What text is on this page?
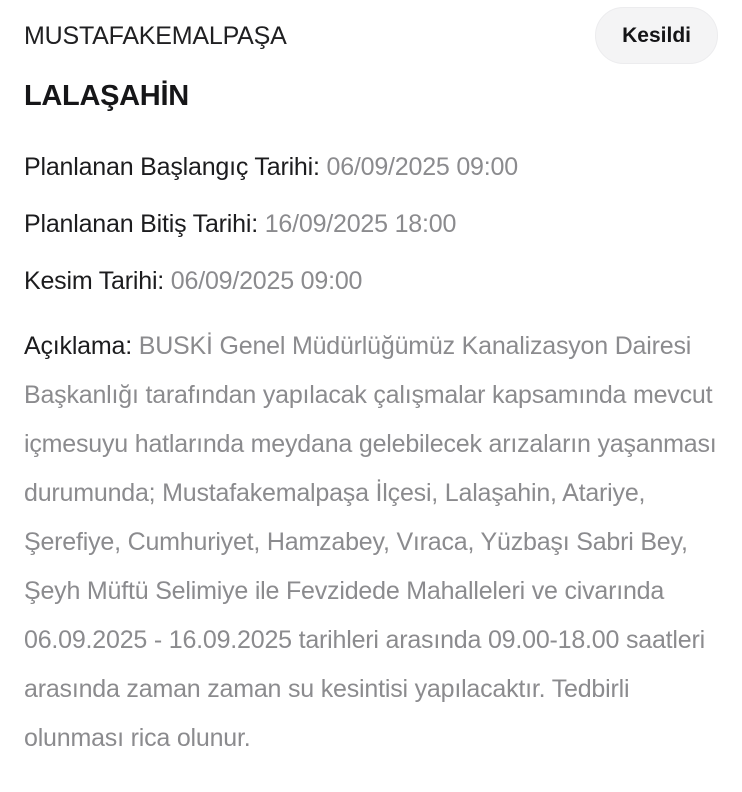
MUSTAFAKEMALPAŞA	Kesildi
LALAŞAHİN
Planlanan Başlangıç Tarihi: 06/09/2025 09:00
Planlanan Bitiş Tarihi: 16/09/2025 18:00
Kesim Tarihi: 06/09/2025 09:00

Açıklama: BUSKİ Genel Müdürlüğümüz Kanalizasyon Dairesi Başkanlığı tarafından yapılacak çalışmalar kapsamında mevcut içmesuyu hatlarında meydana gelebilecek arızaların yaşanması durumunda; Mustafakemalpaşa İlçesi, Lalaşahin, Atariye, Şerefiye, Cumhuriyet, Hamzabey, Vıraca, Yüzbaşı Sabri Bey, Şeyh Müftü Selimiye ile Fevzidede Mahalleleri ve civarında 06.09.2025 - 16.09.2025 tarihleri arasında 09.00-18.00 saatleri arasında zaman zaman su kesintisi yapılacaktır. Tedbirli olunması rica olunur.
